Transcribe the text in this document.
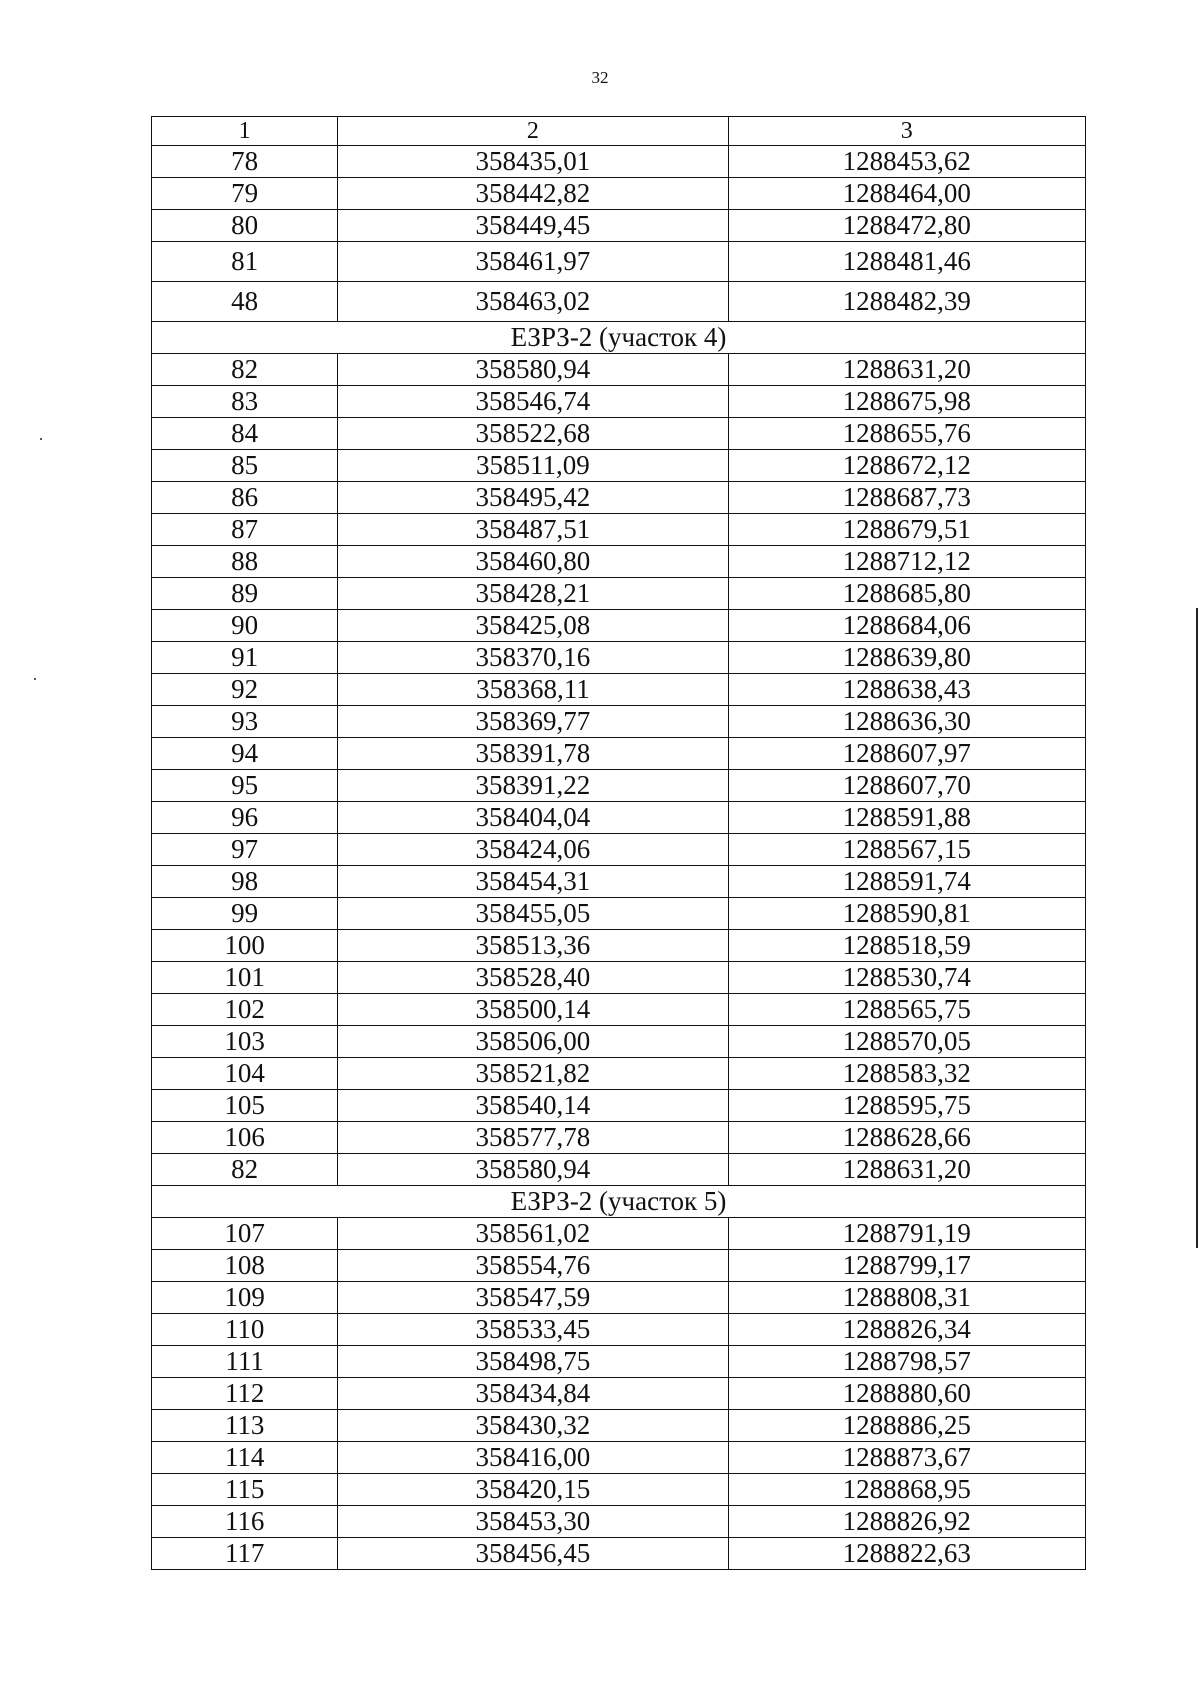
32
1	2	3
78	358435,01	1288453,62
79	358442,82	1288464,00
80	358449,45	1288472,80
81	358461,97	1288481,46
48	358463,02	1288482,39
ЕЗРЗ-2 (участок 4)		
82	358580,94	1288631,20
83	358546,74	1288675,98
84	358522,68	1288655,76
85	358511,09	1288672,12
86	358495,42	1288687,73
87	358487,51	1288679,51
88	358460,80	1288712,12
89	358428,21	1288685,80
90	358425,08	1288684,06
91	358370,16	1288639,80
92	358368,11	1288638,43
93	358369,77	1288636,30
94	358391,78	1288607,97
95	358391,22	1288607,70
96	358404,04	1288591,88
97	358424,06	1288567,15
98	358454,31	1288591,74
99	358455,05	1288590,81
100	358513,36	1288518,59
101	358528,40	1288530,74
102	358500,14	1288565,75
103	358506,00	1288570,05
104	358521,82	1288583,32
105	358540,14	1288595,75
106	358577,78	1288628,66
82	358580,94	1288631,20
ЕЗРЗ-2 (участок 5)		
107	358561,02	1288791,19
108	358554,76	1288799,17
109	358547,59	1288808,31
110	358533,45	1288826,34
111	358498,75	1288798,57
112	358434,84	1288880,60
113	358430,32	1288886,25
114	358416,00	1288873,67
115	358420,15	1288868,95
116	358453,30	1288826,92
117	358456,45	1288822,63
